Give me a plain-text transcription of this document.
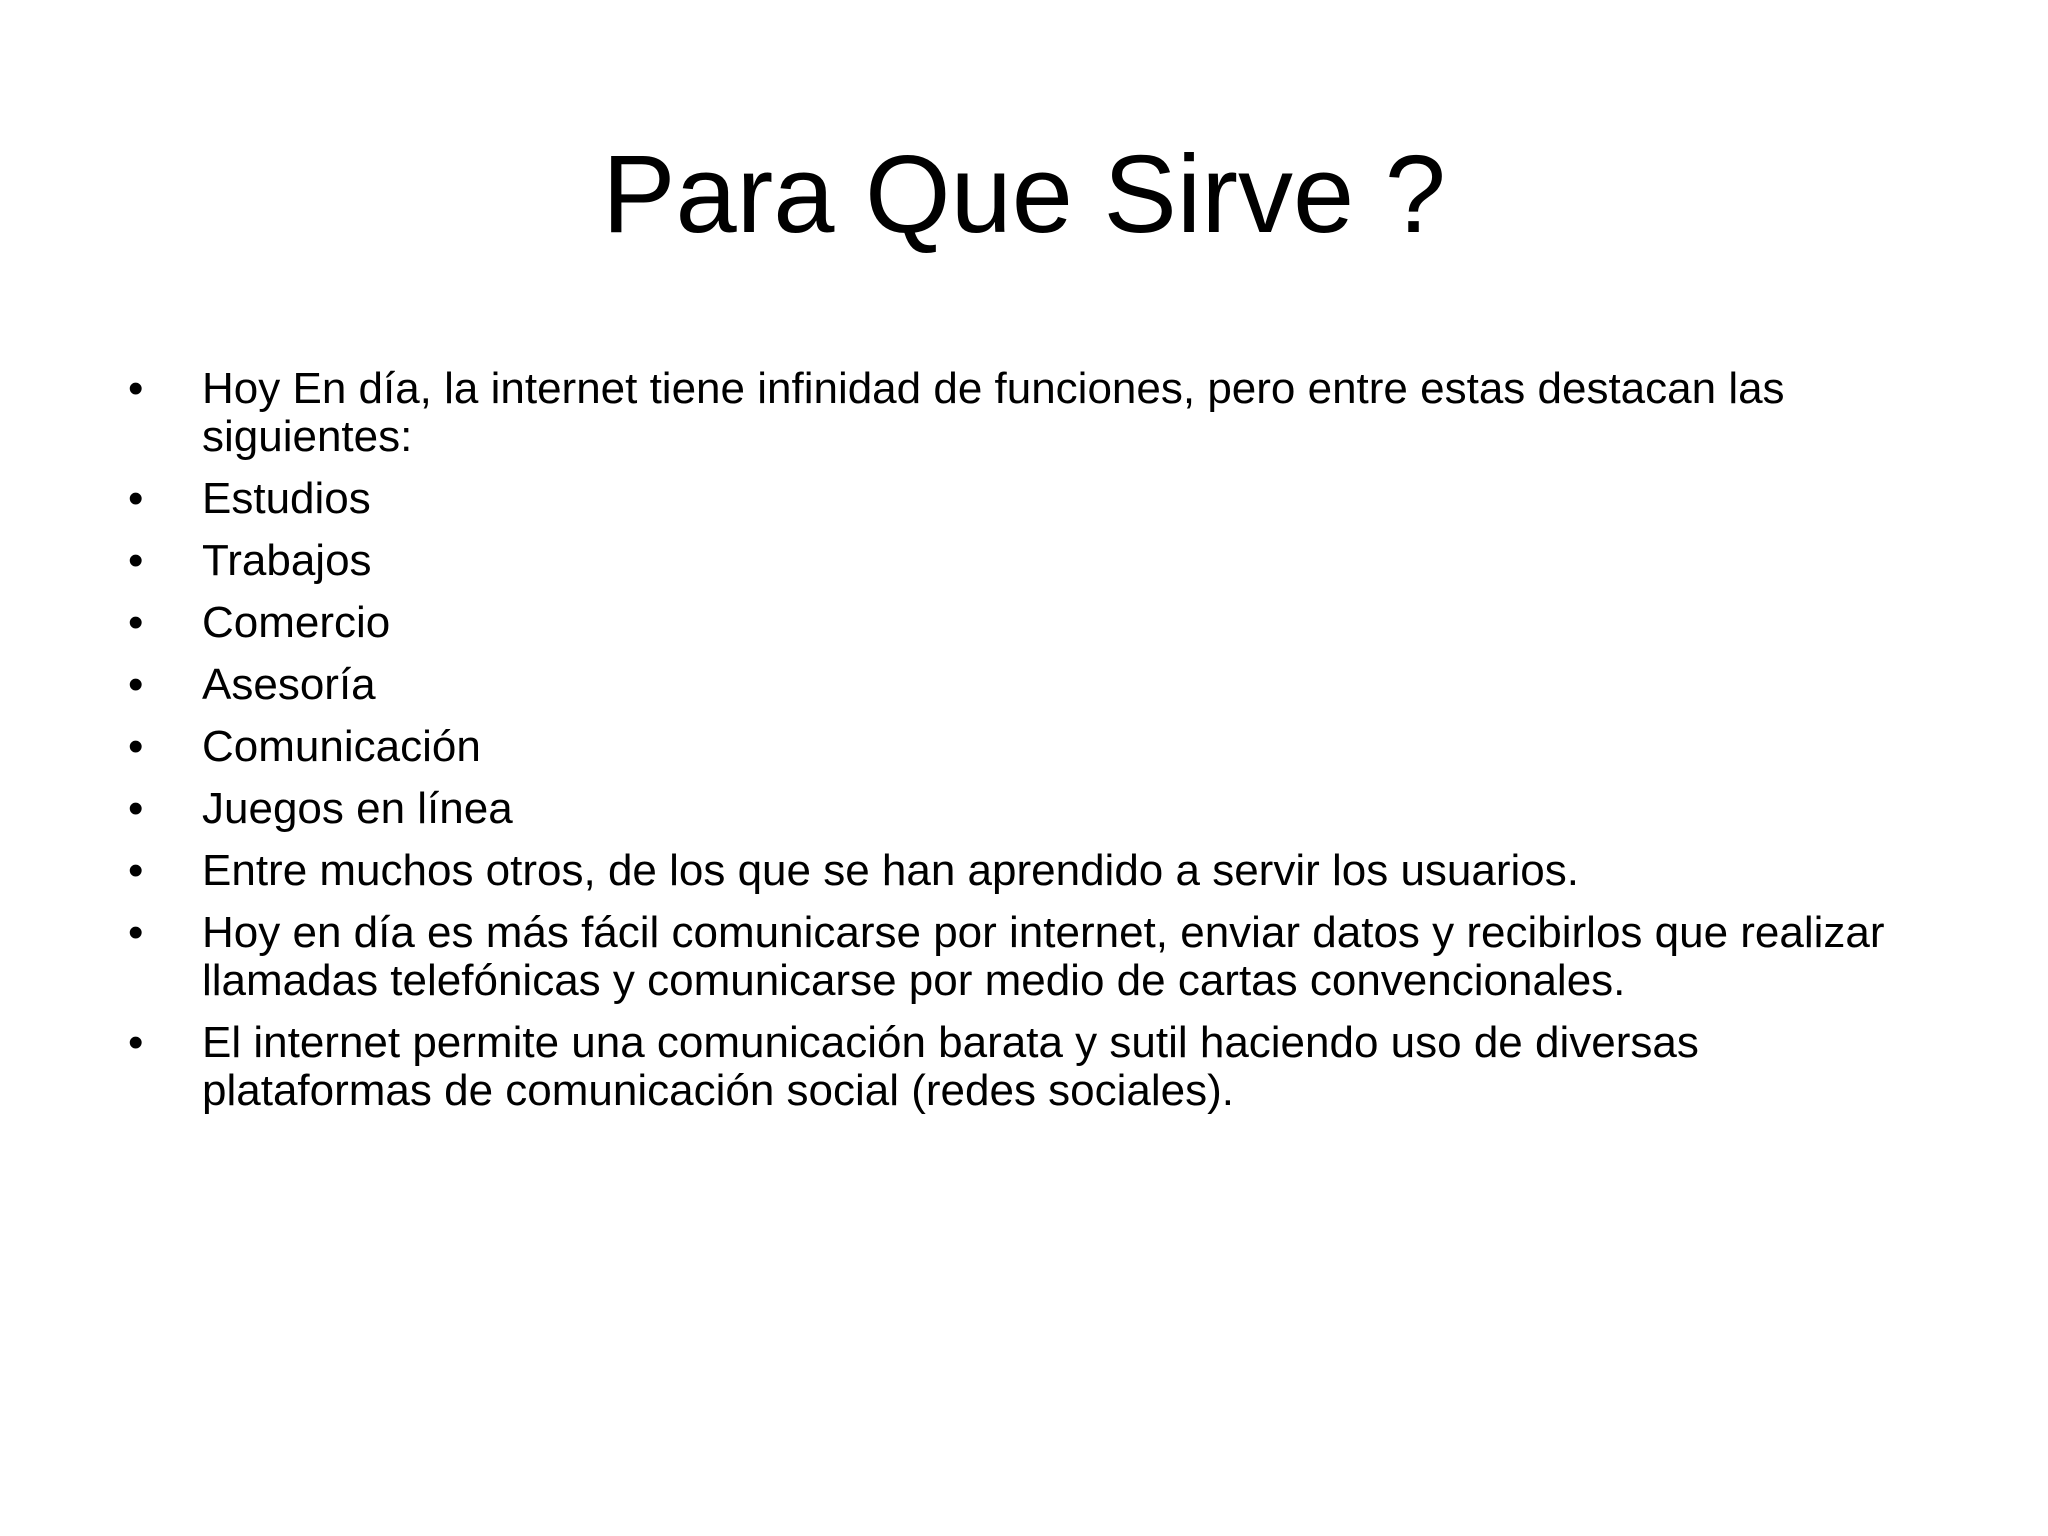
Para Que Sirve ?
•	Hoy En día, la internet tiene infinidad de funciones, pero entre estas destacan las siguientes:
•	Estudios
•	Trabajos
•	Comercio
•	Asesoría
•	Comunicación
•	Juegos en línea
•	Entre muchos otros, de los que se han aprendido a servir los usuarios.
•	Hoy en día es más fácil comunicarse por internet, enviar datos y recibirlos que realizar llamadas telefónicas y comunicarse por medio de cartas convencionales.
•	El internet permite una comunicación barata y sutil haciendo uso de diversas plataformas de comunicación social (redes sociales).
